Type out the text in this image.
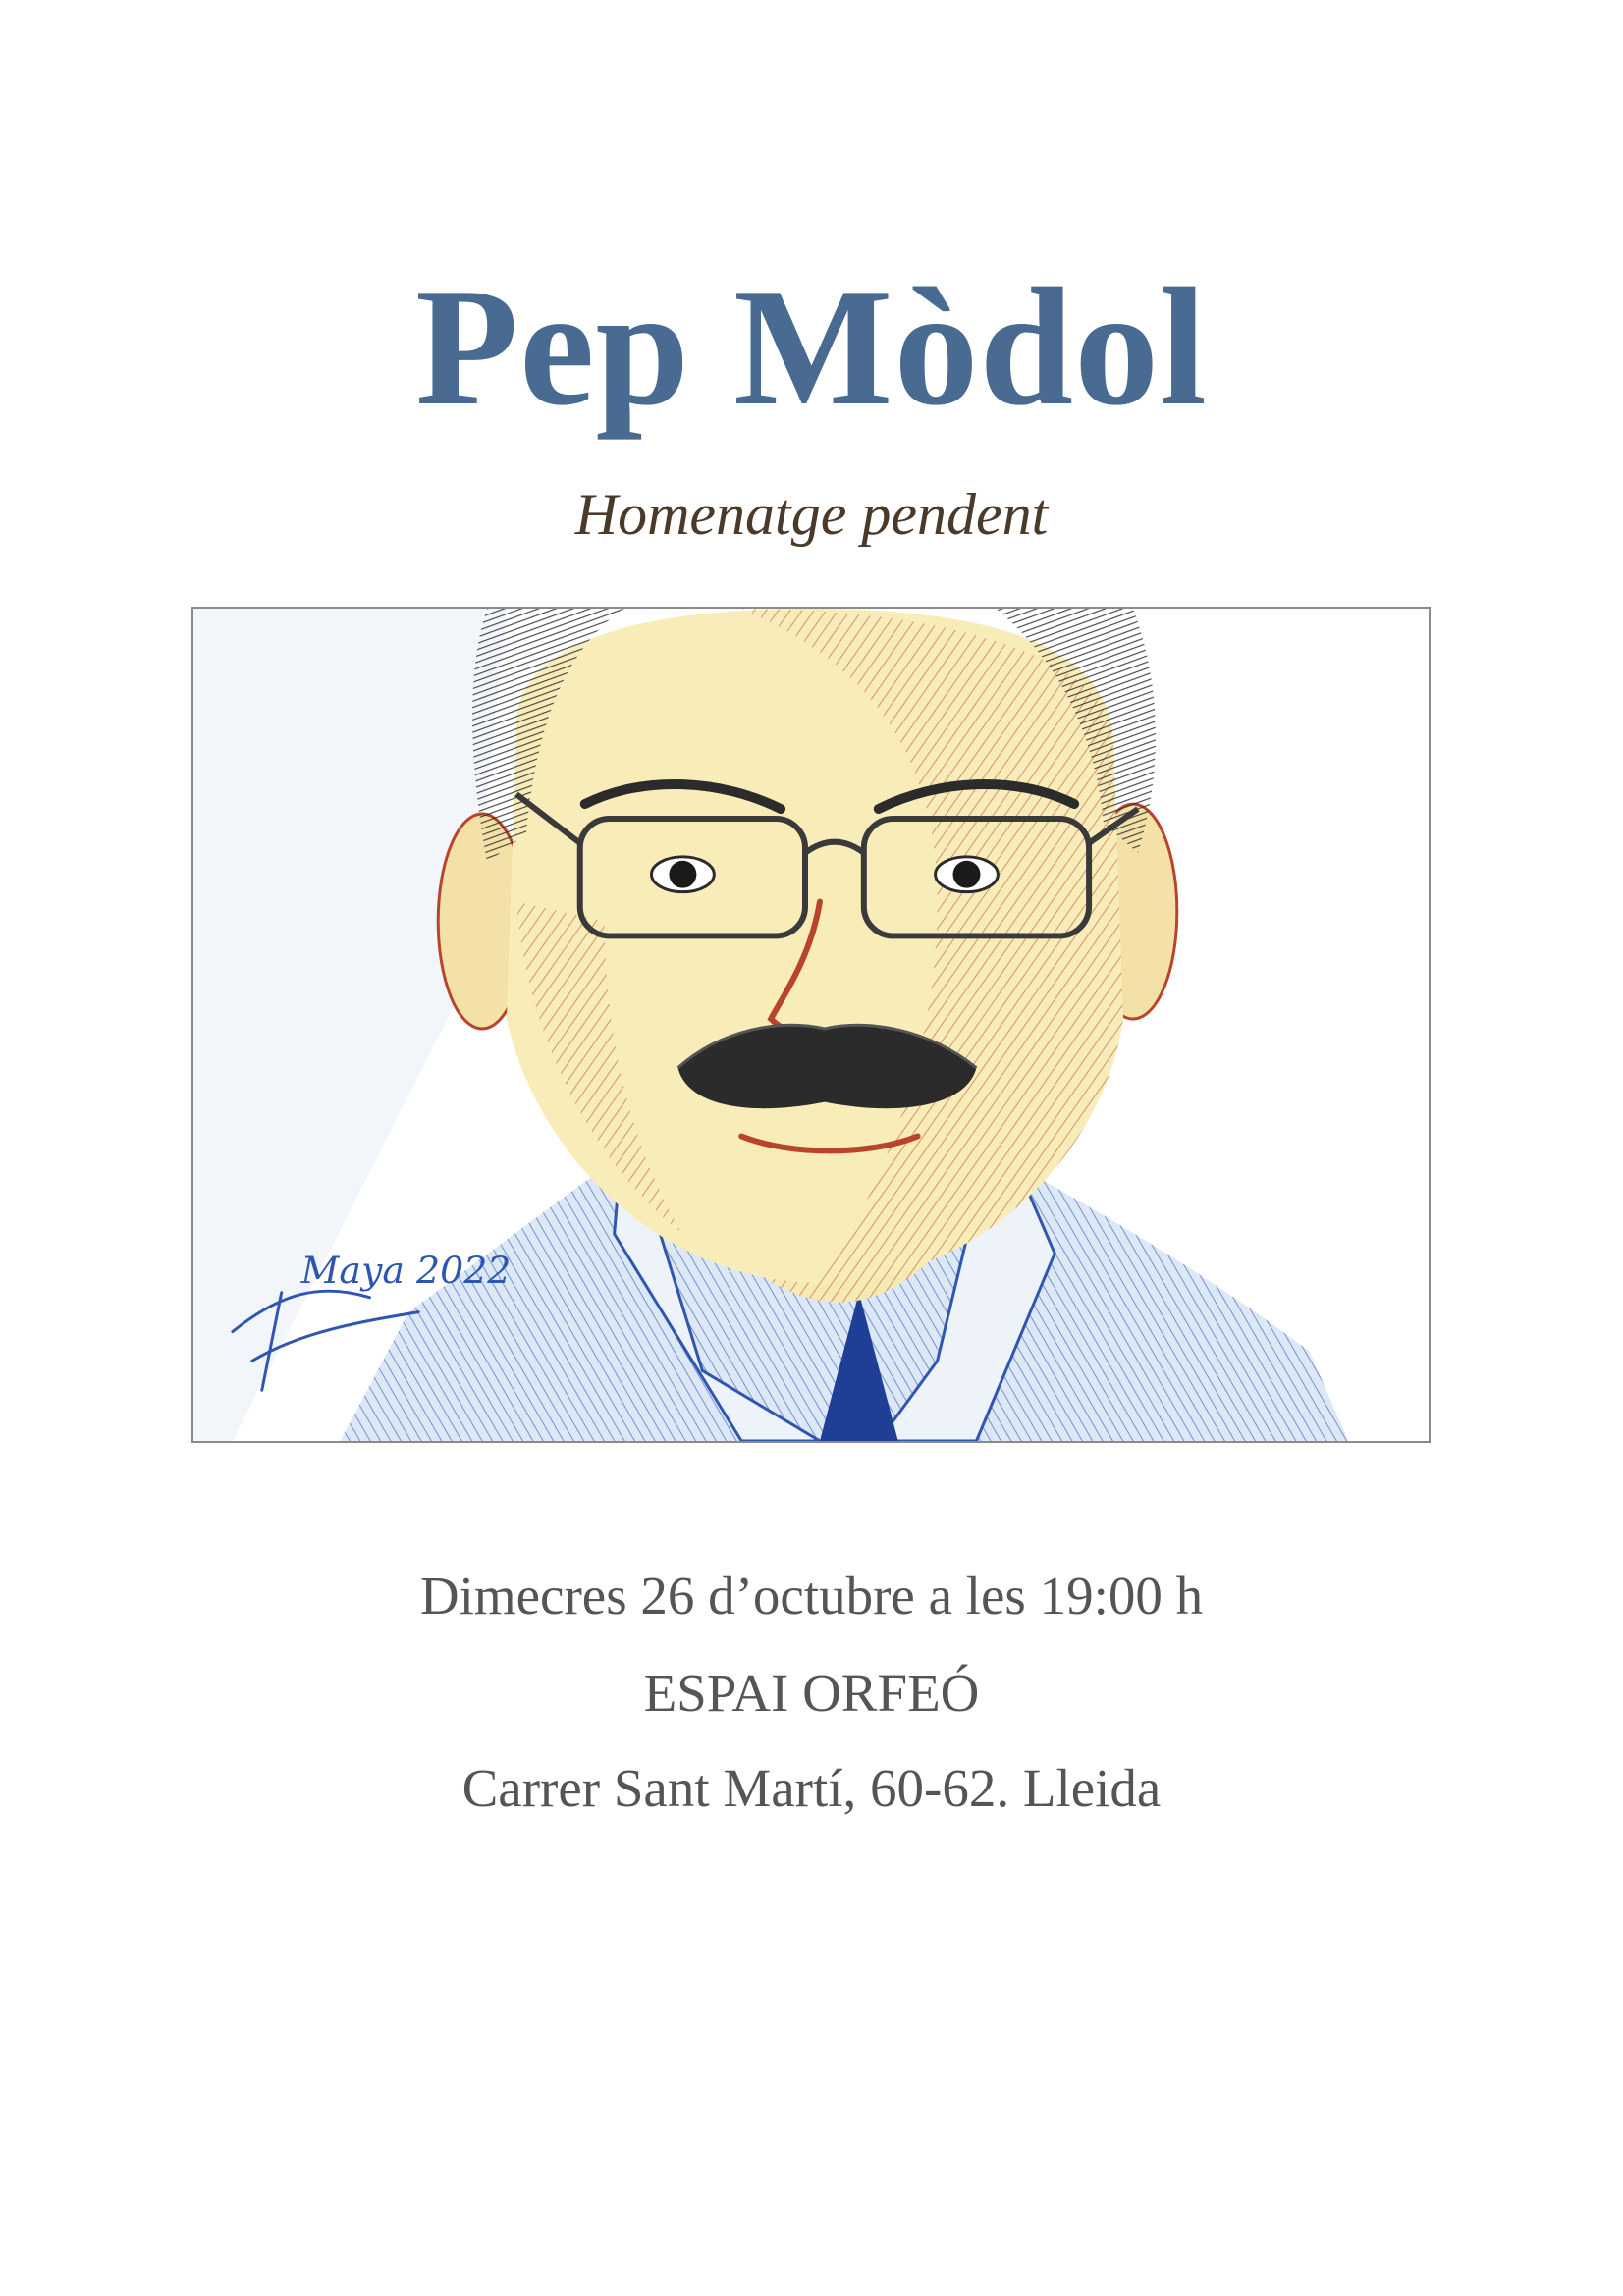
Pep Mòdol

Homenatge pendent

Maya 2022

Dimecres 26 d’octubre a les 19:00 h

ESPAI ORFEÓ

Carrer Sant Martí, 60-62. Lleida
